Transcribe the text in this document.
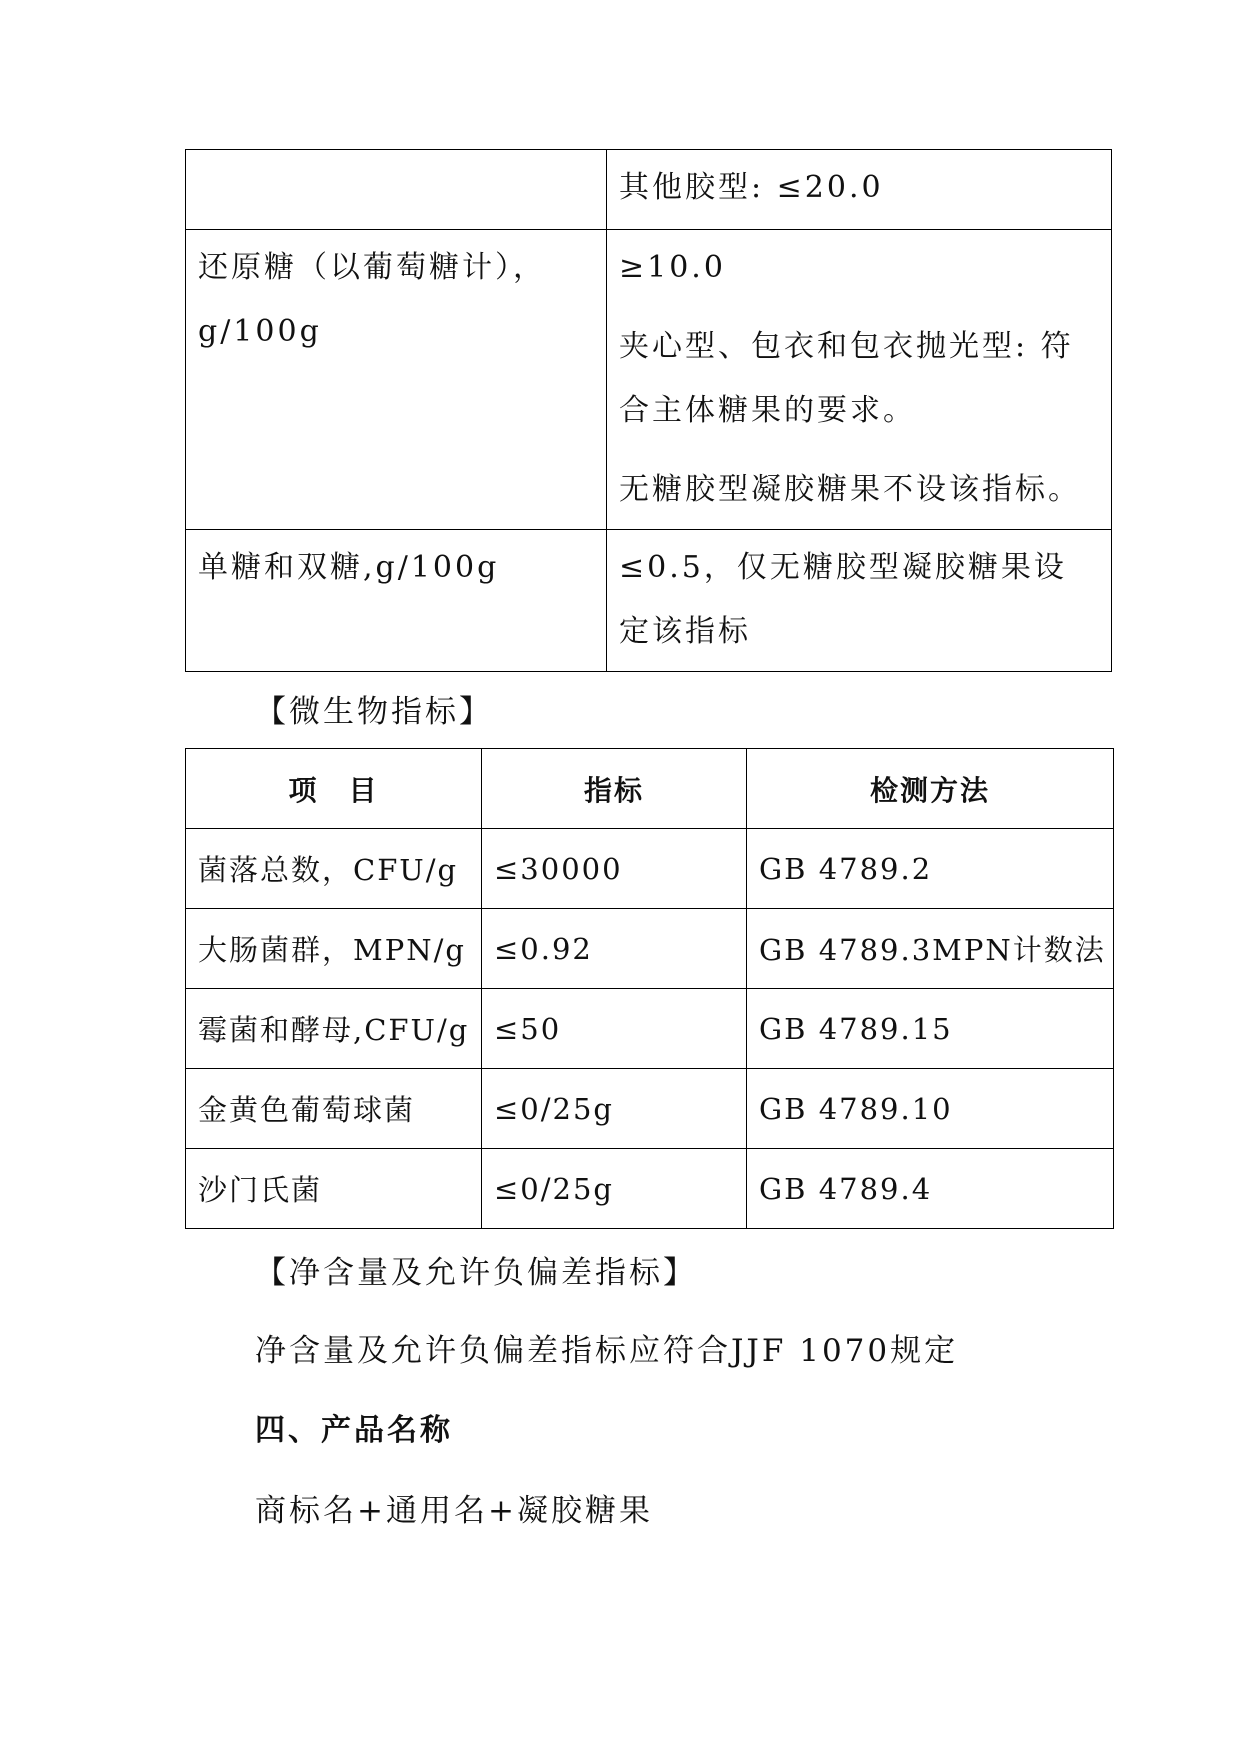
	其他胶型: ≤20.0

还原糖（以葡萄糖计），g/100g	≥10.0

夹心型、包衣和包衣抛光型: 符合主体糖果的要求。

无糖胶型凝胶糖果不设该指标。

单糖和双糖,g/100g	≤0.5，仅无糖胶型凝胶糖果设定该指标

【微生物指标】

项　目	指标	检测方法
菌落总数，CFU/g	≤30000	GB 4789.2
大肠菌群，MPN/g	≤0.92	GB 4789.3MPN计数法
霉菌和酵母,CFU/g	≤50	GB 4789.15
金黄色葡萄球菌	≤0/25g	GB 4789.10
沙门氏菌	≤0/25g	GB 4789.4

【净含量及允许负偏差指标】

净含量及允许负偏差指标应符合JJF 1070规定

四、产品名称

商标名+通用名+凝胶糖果
